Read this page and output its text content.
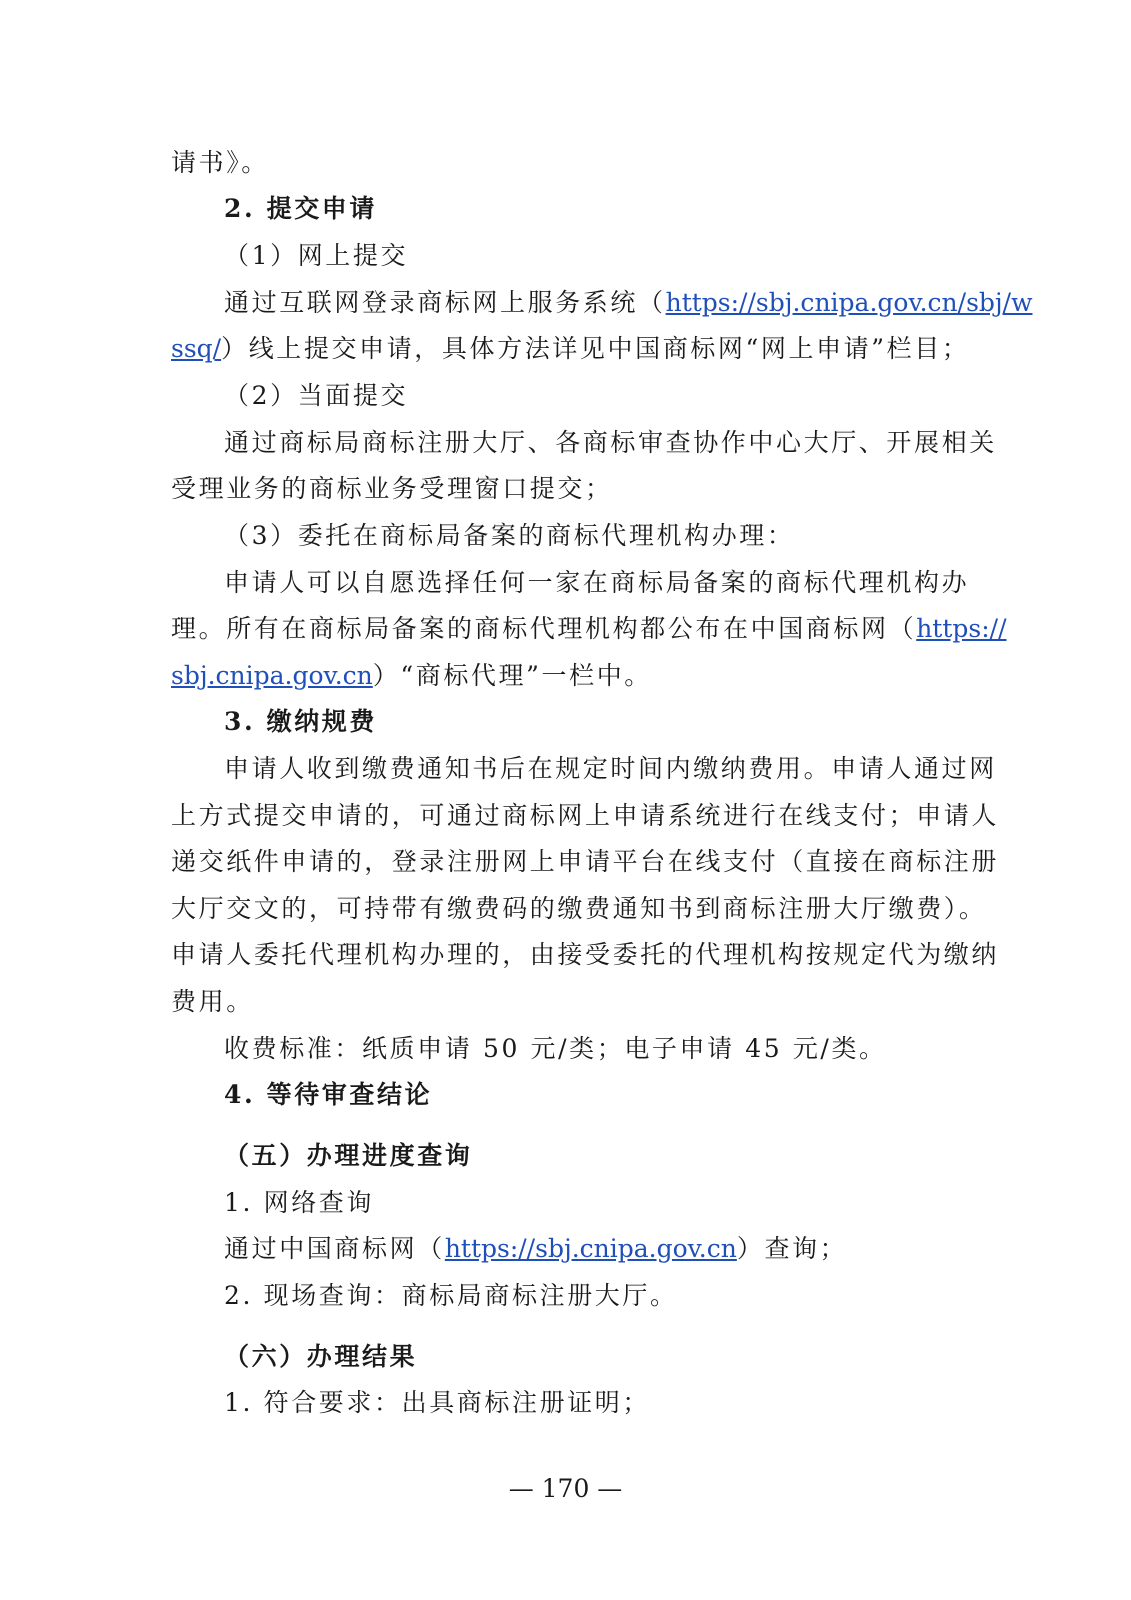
请书》。
2. 提交申请
（1）网上提交
通过互联网登录商标网上服务系统（https://sbj.cnipa.gov.cn/sbj/w
ssq/）线上提交申请，具体方法详见中国商标网“网上申请”栏目；
（2）当面提交
通过商标局商标注册大厅、各商标审查协作中心大厅、开展相关
受理业务的商标业务受理窗口提交；
（3）委托在商标局备案的商标代理机构办理：
申请人可以自愿选择任何一家在商标局备案的商标代理机构办
理。所有在商标局备案的商标代理机构都公布在中国商标网（https://
sbj.cnipa.gov.cn）“商标代理”一栏中。
3. 缴纳规费
申请人收到缴费通知书后在规定时间内缴纳费用。申请人通过网
上方式提交申请的，可通过商标网上申请系统进行在线支付；申请人
递交纸件申请的，登录注册网上申请平台在线支付（直接在商标注册
大厅交文的，可持带有缴费码的缴费通知书到商标注册大厅缴费）。
申请人委托代理机构办理的，由接受委托的代理机构按规定代为缴纳
费用。
收费标准：纸质申请 50 元/类；电子申请 45 元/类。
4. 等待审查结论
（五）办理进度查询
1. 网络查询
通过中国商标网（https://sbj.cnipa.gov.cn）查询；
2. 现场查询：商标局商标注册大厅。
（六）办理结果
1. 符合要求：出具商标注册证明；
— 170 —
